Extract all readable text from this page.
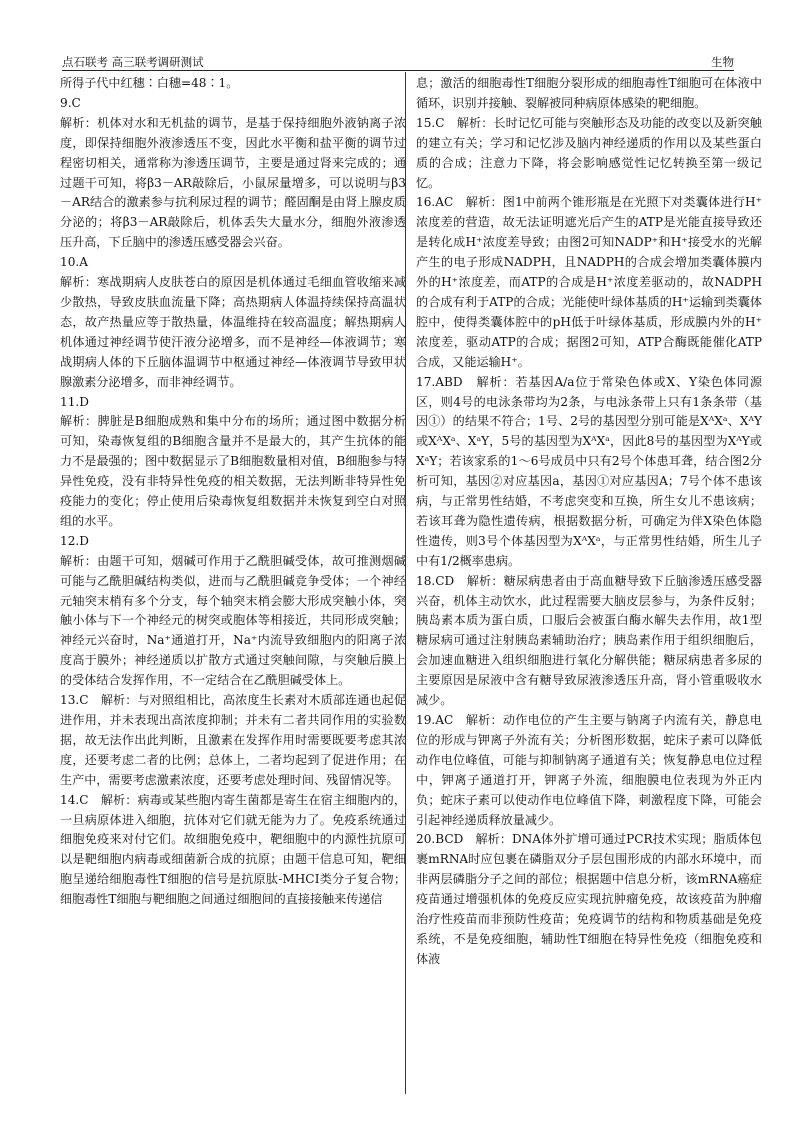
点石联考 高三联考调研测试	生物

所得子代中红穗∶白穗=48∶1。

9.C

解析：机体对水和无机盐的调节，是基于保持细胞外液钠离子浓度，即保持细胞外液渗透压不变，因此水平衡和盐平衡的调节过程密切相关，通常称为渗透压调节，主要是通过肾来完成的；通过题干可知，将β3－AR敲除后，小鼠尿量增多，可以说明与β3－AR结合的激素参与抗利尿过程的调节；醛固酮是由肾上腺皮质分泌的；将β3－AR敲除后，机体丢失大量水分，细胞外液渗透压升高，下丘脑中的渗透压感受器会兴奋。

10.A

解析：寒战期病人皮肤苍白的原因是机体通过毛细血管收缩来减少散热，导致皮肤血流量下降；高热期病人体温持续保持高温状态，故产热量应等于散热量，体温维持在较高温度；解热期病人机体通过神经调节使汗液分泌增多，而不是神经—体液调节；寒战期病人体的下丘脑体温调节中枢通过神经—体液调节导致甲状腺激素分泌增多，而非神经调节。

11.D

解析：脾脏是B细胞成熟和集中分布的场所；通过图中数据分析可知，染毒恢复组的B细胞含量并不是最大的，其产生抗体的能力不是最强的；图中数据显示了B细胞数量相对值，B细胞参与特异性免疫，没有非特异性免疫的相关数据，无法判断非特异性免疫能力的变化；停止使用后染毒恢复组数据并未恢复到空白对照组的水平。

12.D

解析：由题干可知，烟碱可作用于乙酰胆碱受体，故可推测烟碱可能与乙酰胆碱结构类似，进而与乙酰胆碱竞争受体；一个神经元轴突末梢有多个分支，每个轴突末梢会膨大形成突触小体，突触小体与下一个神经元的树突或胞体等相接近，共同形成突触；神经元兴奋时，Na⁺通道打开，Na⁺内流导致细胞内的阳离子浓度高于膜外；神经递质以扩散方式通过突触间隙，与突触后膜上的受体结合发挥作用，不一定结合在乙酰胆碱受体上。

13.C　解析：与对照组相比，高浓度生长素对木质部连通也起促进作用，并未表现出高浓度抑制；并未有二者共同作用的实验数据，故无法作出此判断，且激素在发挥作用时需要既要考虑其浓度，还要考虑二者的比例；总体上，二者均起到了促进作用；在生产中，需要考虑激素浓度，还要考虑处理时间、残留情况等。

14.C　解析：病毒或某些胞内寄生菌都是寄生在宿主细胞内的，一旦病原体进入细胞，抗体对它们就无能为力了。免疫系统通过细胞免疫来对付它们。故细胞免疫中，靶细胞中的内源性抗原可以是靶细胞内病毒或细菌新合成的抗原；由题干信息可知，靶细胞呈递给细胞毒性T细胞的信号是抗原肽-MHCⅠ类分子复合物；细胞毒性T细胞与靶细胞之间通过细胞间的直接接触来传递信

息；激活的细胞毒性T细胞分裂形成的细胞毒性T细胞可在体液中循环，识别并接触、裂解被同种病原体感染的靶细胞。

15.C　解析：长时记忆可能与突触形态及功能的改变以及新突触的建立有关；学习和记忆涉及脑内神经递质的作用以及某些蛋白质的合成；注意力下降，将会影响感觉性记忆转换至第一级记忆。

16.AC　解析：图1中前两个锥形瓶是在光照下对类囊体进行H⁺浓度差的营造，故无法证明遮光后产生的ATP是光能直接导致还是转化成H⁺浓度差导致；由图2可知NADP⁺和H⁺接受水的光解产生的电子形成NADPH，且NADPH的合成会增加类囊体膜内外的H⁺浓度差，而ATP的合成是H⁺浓度差驱动的，故NADPH的合成有利于ATP的合成；光能使叶绿体基质的H⁺运输到类囊体腔中，使得类囊体腔中的pH低于叶绿体基质，形成膜内外的H⁺浓度差，驱动ATP的合成；据图2可知，ATP合酶既能催化ATP合成，又能运输H⁺。

17.ABD　解析：若基因A/a位于常染色体或X、Y染色体同源区，则4号的电泳条带均为2条，与电泳条带上只有1条条带（基因①）的结果不符合；1号、2号的基因型分别可能是XᴬXᵃ、XᴬY或XᴬXᵃ、XᵃY，5号的基因型为XᴬXᵃ，因此8号的基因型为XᴬY或XᵃY；若该家系的1～6号成员中只有2号个体患耳聋，结合图2分析可知，基因②对应基因a，基因①对应基因A；7号个体不患该病，与正常男性结婚，不考虑突变和互换，所生女儿不患该病；若该耳聋为隐性遗传病，根据数据分析，可确定为伴X染色体隐性遗传，则3号个体基因型为XᴬXᵃ，与正常男性结婚，所生儿子中有1/2概率患病。

18.CD　解析：糖尿病患者由于高血糖导致下丘脑渗透压感受器兴奋，机体主动饮水，此过程需要大脑皮层参与，为条件反射；胰岛素本质为蛋白质，口服后会被蛋白酶水解失去作用，故1型糖尿病可通过注射胰岛素辅助治疗；胰岛素作用于组织细胞后，会加速血糖进入组织细胞进行氧化分解供能；糖尿病患者多尿的主要原因是尿液中含有糖导致尿液渗透压升高，肾小管重吸收水减少。

19.AC　解析：动作电位的产生主要与钠离子内流有关，静息电位的形成与钾离子外流有关；分析图形数据，蛇床子素可以降低动作电位峰值，可能与抑制钠离子通道有关；恢复静息电位过程中，钾离子通道打开，钾离子外流，细胞膜电位表现为外正内负；蛇床子素可以使动作电位峰值下降，刺激程度下降，可能会引起神经递质释放量减少。

20.BCD　解析：DNA体外扩增可通过PCR技术实现；脂质体包裹mRNA时应包裹在磷脂双分子层包围形成的内部水环境中，而非两层磷脂分子之间的部位；根据题中信息分析，该mRNA癌症疫苗通过增强机体的免疫反应实现抗肿瘤免疫，故该疫苗为肿瘤治疗性疫苗而非预防性疫苗；免疫调节的结构和物质基础是免疫系统，不是免疫细胞，辅助性T细胞在特异性免疫（细胞免疫和体液
